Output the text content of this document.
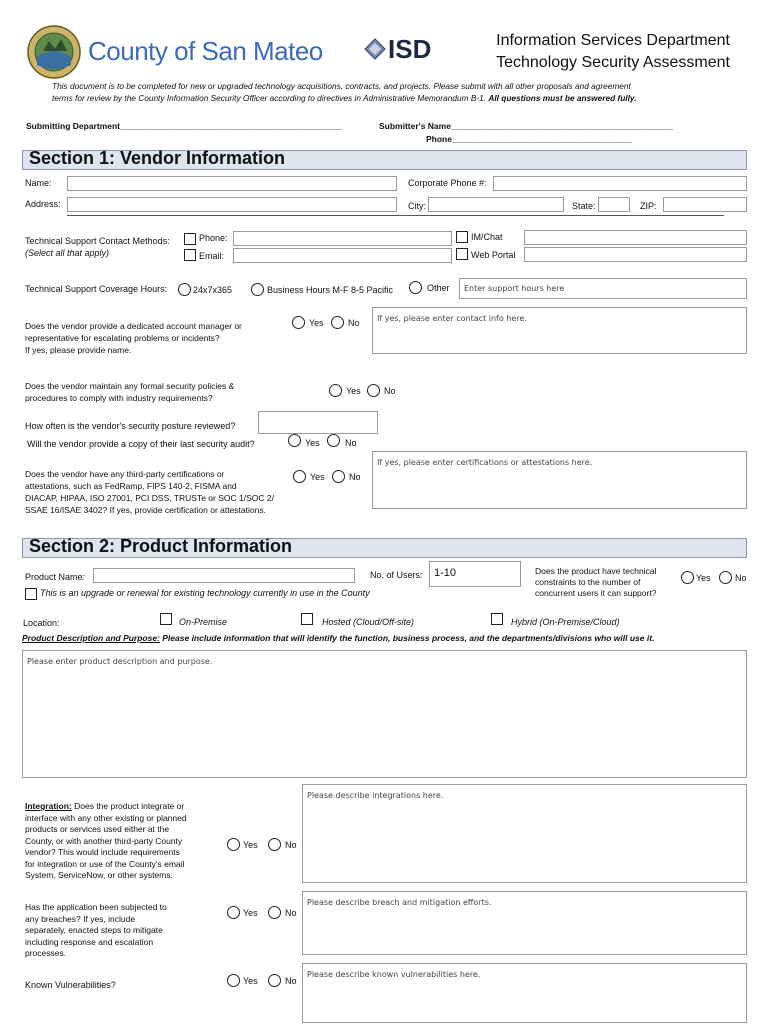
County of San Mateo	ISD	Information Services Department
Technology Security Assessment
This document is to be completed for new or upgraded technology acquisitions, contracts, and projects. Please submit with all other proposals and agreement
terms for review by the County Information Security Officer according to directives in Administrative Memorandum B-1. All questions must be answered fully.
Submitting Department_______________________________________________	Submitter's Name_______________________________________________
Phone______________________________________
Section 1: Vendor Information
Name:	Corporate Phone #:
Address:	City:	State:	ZIP:
Technical Support Contact Methods:
(Select all that apply)
Phone:
Email:
IM/Chat
Web Portal
Technical Support Coverage Hours:	24x7x365	Business Hours M-F 8-5 Pacific	Other	Enter support hours here
Does the vendor provide a dedicated account manager or
representative for escalating problems or incidents?
If yes, please provide name.
Yes	No	If yes, please enter contact info here.
Does the vendor maintain any formal security policies &
procedures to comply with industry requirements?
Yes	No
How often is the vendor's security posture reviewed?
Will the vendor provide a copy of their last security audit?	Yes	No
Does the vendor have any third-party certifications or
attestations, such as FedRamp, FIPS 140-2, FISMA and
DIACAP, HIPAA, ISO 27001, PCI DSS, TRUSTe or SOC 1/SOC 2/
SSAE 16/ISAE 3402? If yes, provide certification or attestations.
Yes	No
If yes, please enter certifications or attestations here.
Section 2: Product Information
Product Name:	No. of Users: 1-10	Does the product have technical
constraints to the number of
concurrent users it can support?
Yes	No
This is an upgrade or renewal for existing technology currently in use in the County
Location:	On-Premise	Hosted (Cloud/Off-site)	Hybrid (On-Premise/Cloud)
Product Description and Purpose: Please include information that will identify the function, business process, and the departments/divisions who will use it.
Please enter product description and purpose.
Integration: Does the product integrate or
interface with any other existing or planned
products or services used either at the
County, or with another third-party County
vendor? This would include requirements
for integration or use of the County's email
System, ServiceNow, or other systems.
Yes	No
Please describe integrations here.
Has the application been subjected to
any breaches? If yes, include
separately, enacted steps to mitigate
including response and escalation
processes.
Yes	No
Please describe breach and mitigation efforts.
Known Vulnerabilities?	Yes	No
Please describe known vulnerabilities here.
